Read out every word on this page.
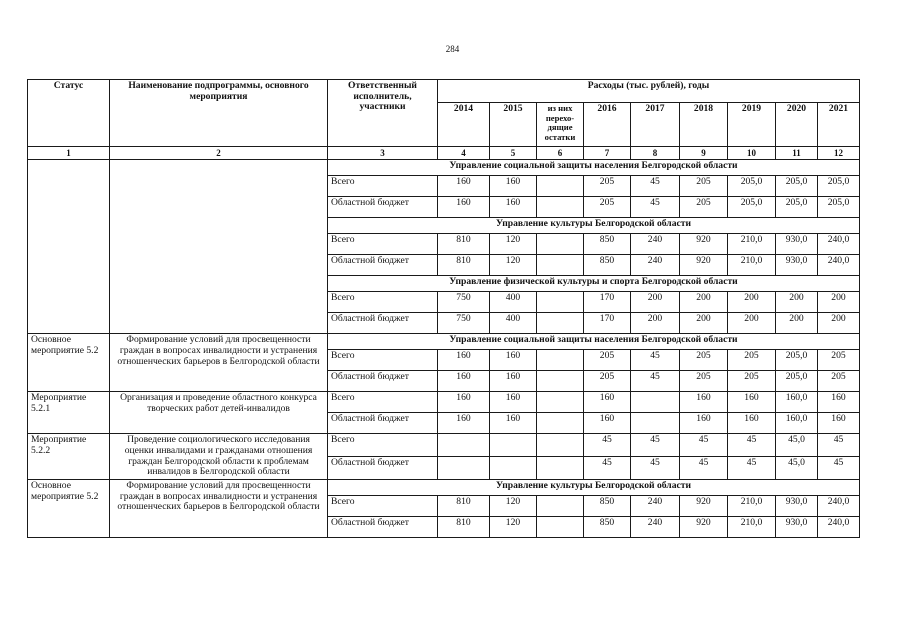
284
Статус	Наименование подпрограммы, основного мероприятия	Ответственный исполнитель, участники	Расходы (тыс. рублей), годы								
			2014	2015	из них перехо-дящие остатки	2016	2017	2018	2019	2020	2021
1	2	3	4	5	6	7	8	9	10	11	12
		Управление социальной защиты населения Белгородской области									
		Всего	160	160		205	45	205	205,0	205,0	205,0
		Областной бюджет	160	160		205	45	205	205,0	205,0	205,0
		Управление культуры Белгородской области									
		Всего	810	120		850	240	920	210,0	930,0	240,0
		Областной бюджет	810	120		850	240	920	210,0	930,0	240,0
		Управление физической культуры и спорта Белгородской области									
		Всего	750	400		170	200	200	200	200	200
		Областной бюджет	750	400		170	200	200	200	200	200
Основное мероприятие 5.2	Формирование условий для просвещенности граждан в вопросах инвалидности и устранения отношенческих барьеров в Белгородской области	Управление социальной защиты населения Белгородской области									
		Всего	160	160		205	45	205	205	205,0	205
		Областной бюджет	160	160		205	45	205	205	205,0	205
Мероприятие 5.2.1	Организация и проведение областного конкурса творческих работ детей-инвалидов	Всего	160	160		160		160	160	160,0	160
		Областной бюджет	160	160		160		160	160	160,0	160
Мероприятие 5.2.2	Проведение социологического исследования оценки инвалидами и гражданами отношения граждан Белгородской области к проблемам инвалидов в Белгородской области	Всего				45	45	45	45	45,0	45
		Областной бюджет				45	45	45	45	45,0	45
Основное мероприятие 5.2	Формирование условий для просвещенности граждан в вопросах инвалидности и устранения отношенческих барьеров в Белгородской области	Управление культуры Белгородской области									
		Всего	810	120		850	240	920	210,0	930,0	240,0
		Областной бюджет	810	120		850	240	920	210,0	930,0	240,0
